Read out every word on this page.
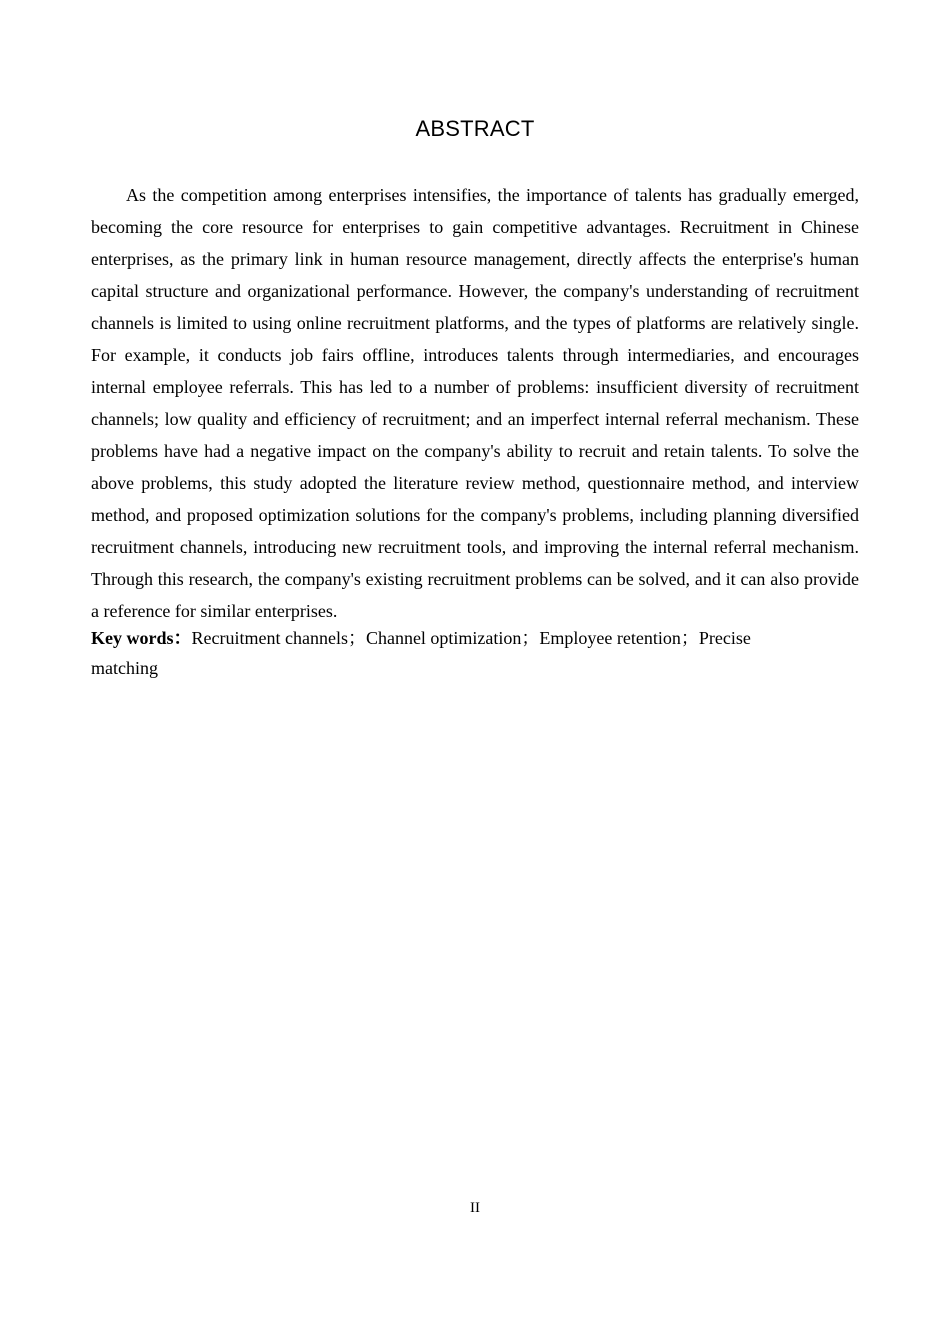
ABSTRACT

As the competition among enterprises intensifies, the importance of talents has gradually emerged, becoming the core resource for enterprises to gain competitive advantages. Recruitment in Chinese enterprises, as the primary link in human resource management, directly affects the enterprise's human capital structure and organizational performance. However, the company's understanding of recruitment channels is limited to using online recruitment platforms, and the types of platforms are relatively single. For example, it conducts job fairs offline, introduces talents through intermediaries, and encourages internal employee referrals. This has led to a number of problems: insufficient diversity of recruitment channels; low quality and efficiency of recruitment; and an imperfect internal referral mechanism. These problems have had a negative impact on the company's ability to recruit and retain talents. To solve the above problems, this study adopted the literature review method, questionnaire method, and interview method, and proposed optimization solutions for the company's problems, including planning diversified recruitment channels, introducing new recruitment tools, and improving the internal referral mechanism. Through this research, the company's existing recruitment problems can be solved, and it can also provide a reference for similar enterprises.

Key words：Recruitment channels；Channel optimization；Employee retention；Precise matching

II
